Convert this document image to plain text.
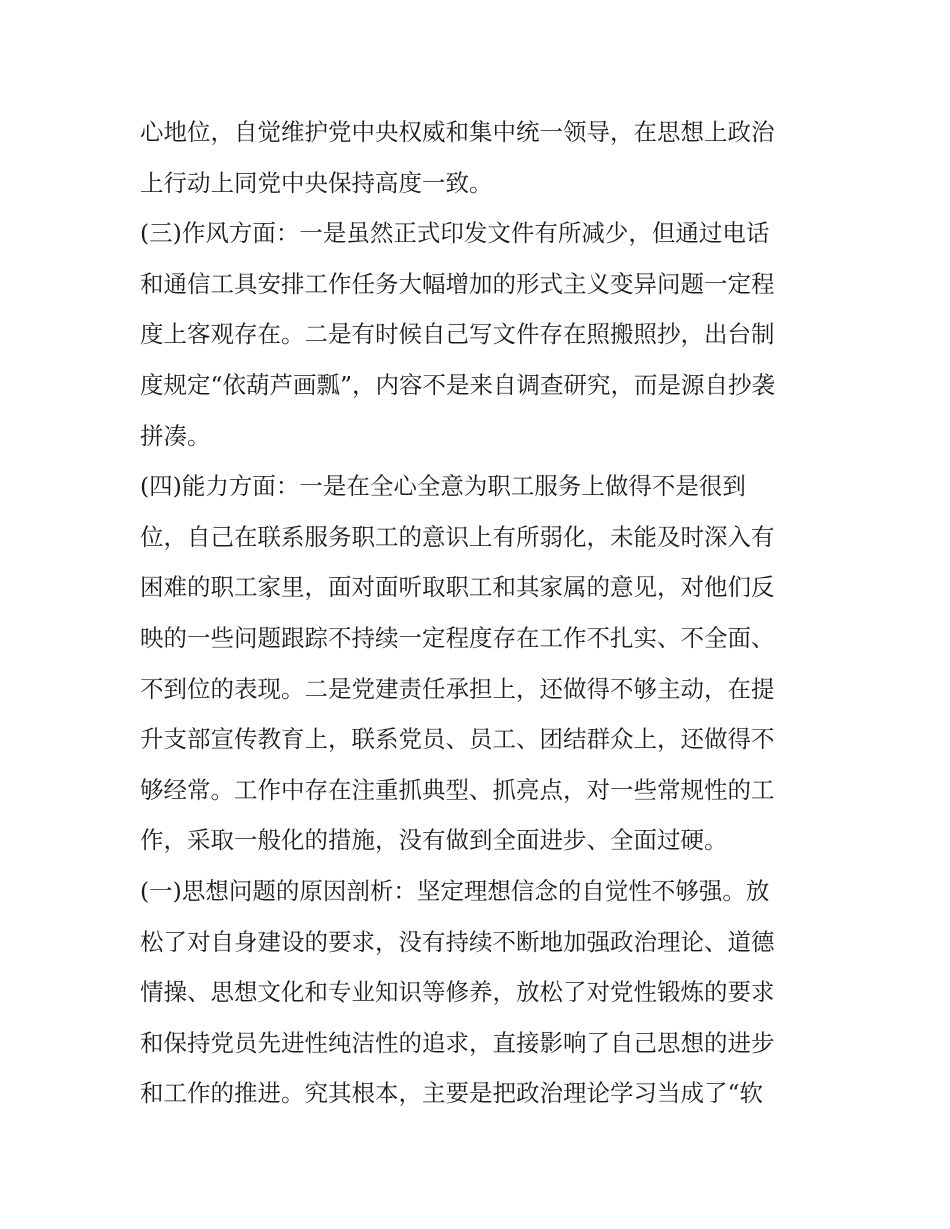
心地位，自觉维护党中央权威和集中统一领导，在思想上政治
上行动上同党中央保持高度一致。
(三)作风方面：一是虽然正式印发文件有所减少，但通过电话
和通信工具安排工作任务大幅增加的形式主义变异问题一定程
度上客观存在。二是有时候自己写文件存在照搬照抄，出台制
度规定“依葫芦画瓢”，内容不是来自调查研究，而是源自抄袭
拼凑。
(四)能力方面：一是在全心全意为职工服务上做得不是很到
位，自己在联系服务职工的意识上有所弱化，未能及时深入有
困难的职工家里，面对面听取职工和其家属的意见，对他们反
映的一些问题跟踪不持续一定程度存在工作不扎实、不全面、
不到位的表现。二是党建责任承担上，还做得不够主动，在提
升支部宣传教育上，联系党员、员工、团结群众上，还做得不
够经常。工作中存在注重抓典型、抓亮点，对一些常规性的工
作，采取一般化的措施，没有做到全面进步、全面过硬。
(一)思想问题的原因剖析：坚定理想信念的自觉性不够强。放
松了对自身建设的要求，没有持续不断地加强政治理论、道德
情操、思想文化和专业知识等修养，放松了对党性锻炼的要求
和保持党员先进性纯洁性的追求，直接影响了自己思想的进步
和工作的推进。究其根本，主要是把政治理论学习当成了“软
